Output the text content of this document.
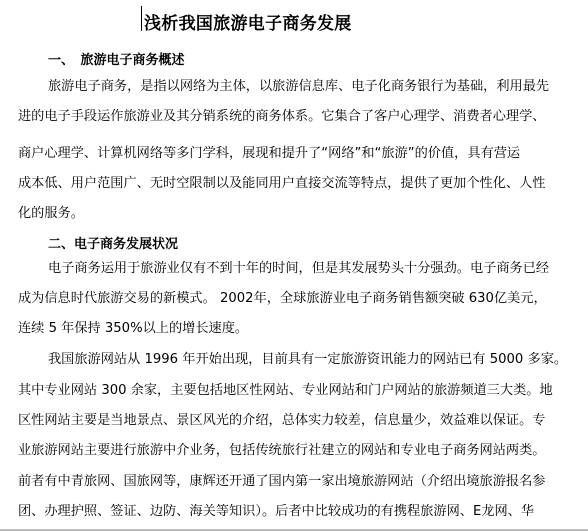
浅析我国旅游电子商务发展
一、　旅游电子商务概述
旅游电子商务，是指以网络为主体，以旅游信息库、电子化商务银行为基础，利用最先
进的电子手段运作旅游业及其分销系统的商务体系。它集合了客户心理学、消费者心理学、
商户心理学、计算机网络等多门学科，展现和提升了“网络”和“旅游”的价值，具有营运
成本低、用户范围广、无时空限制以及能同用户直接交流等特点，提供了更加个性化、人性
化的服务。
二、电子商务发展状况
电子商务运用于旅游业仅有不到十年的时间，但是其发展势头十分强劲。电子商务已经
成为信息时代旅游交易的新模式。 2002年，全球旅游业电子商务销售额突破 630亿美元，
连续 5 年保持 350%以上的增长速度。
我国旅游网站从 1996 年开始出现，目前具有一定旅游资讯能力的网站已有 5000 多家。
其中专业网站 300 余家，主要包括地区性网站、专业网站和门户网站的旅游频道三大类。地
区性网站主要是当地景点、景区风光的介绍，总体实力较差，信息量少，效益难以保证。专
业旅游网站主要进行旅游中介业务，包括传统旅行社建立的网站和专业电子商务网站两类。
前者有中青旅网、国旅网等，康辉还开通了国内第一家出境旅游网站（介绍出境旅游报名参
团、办理护照、签证、边防、海关等知识）。后者中比较成功的有携程旅游网、E龙网、华
